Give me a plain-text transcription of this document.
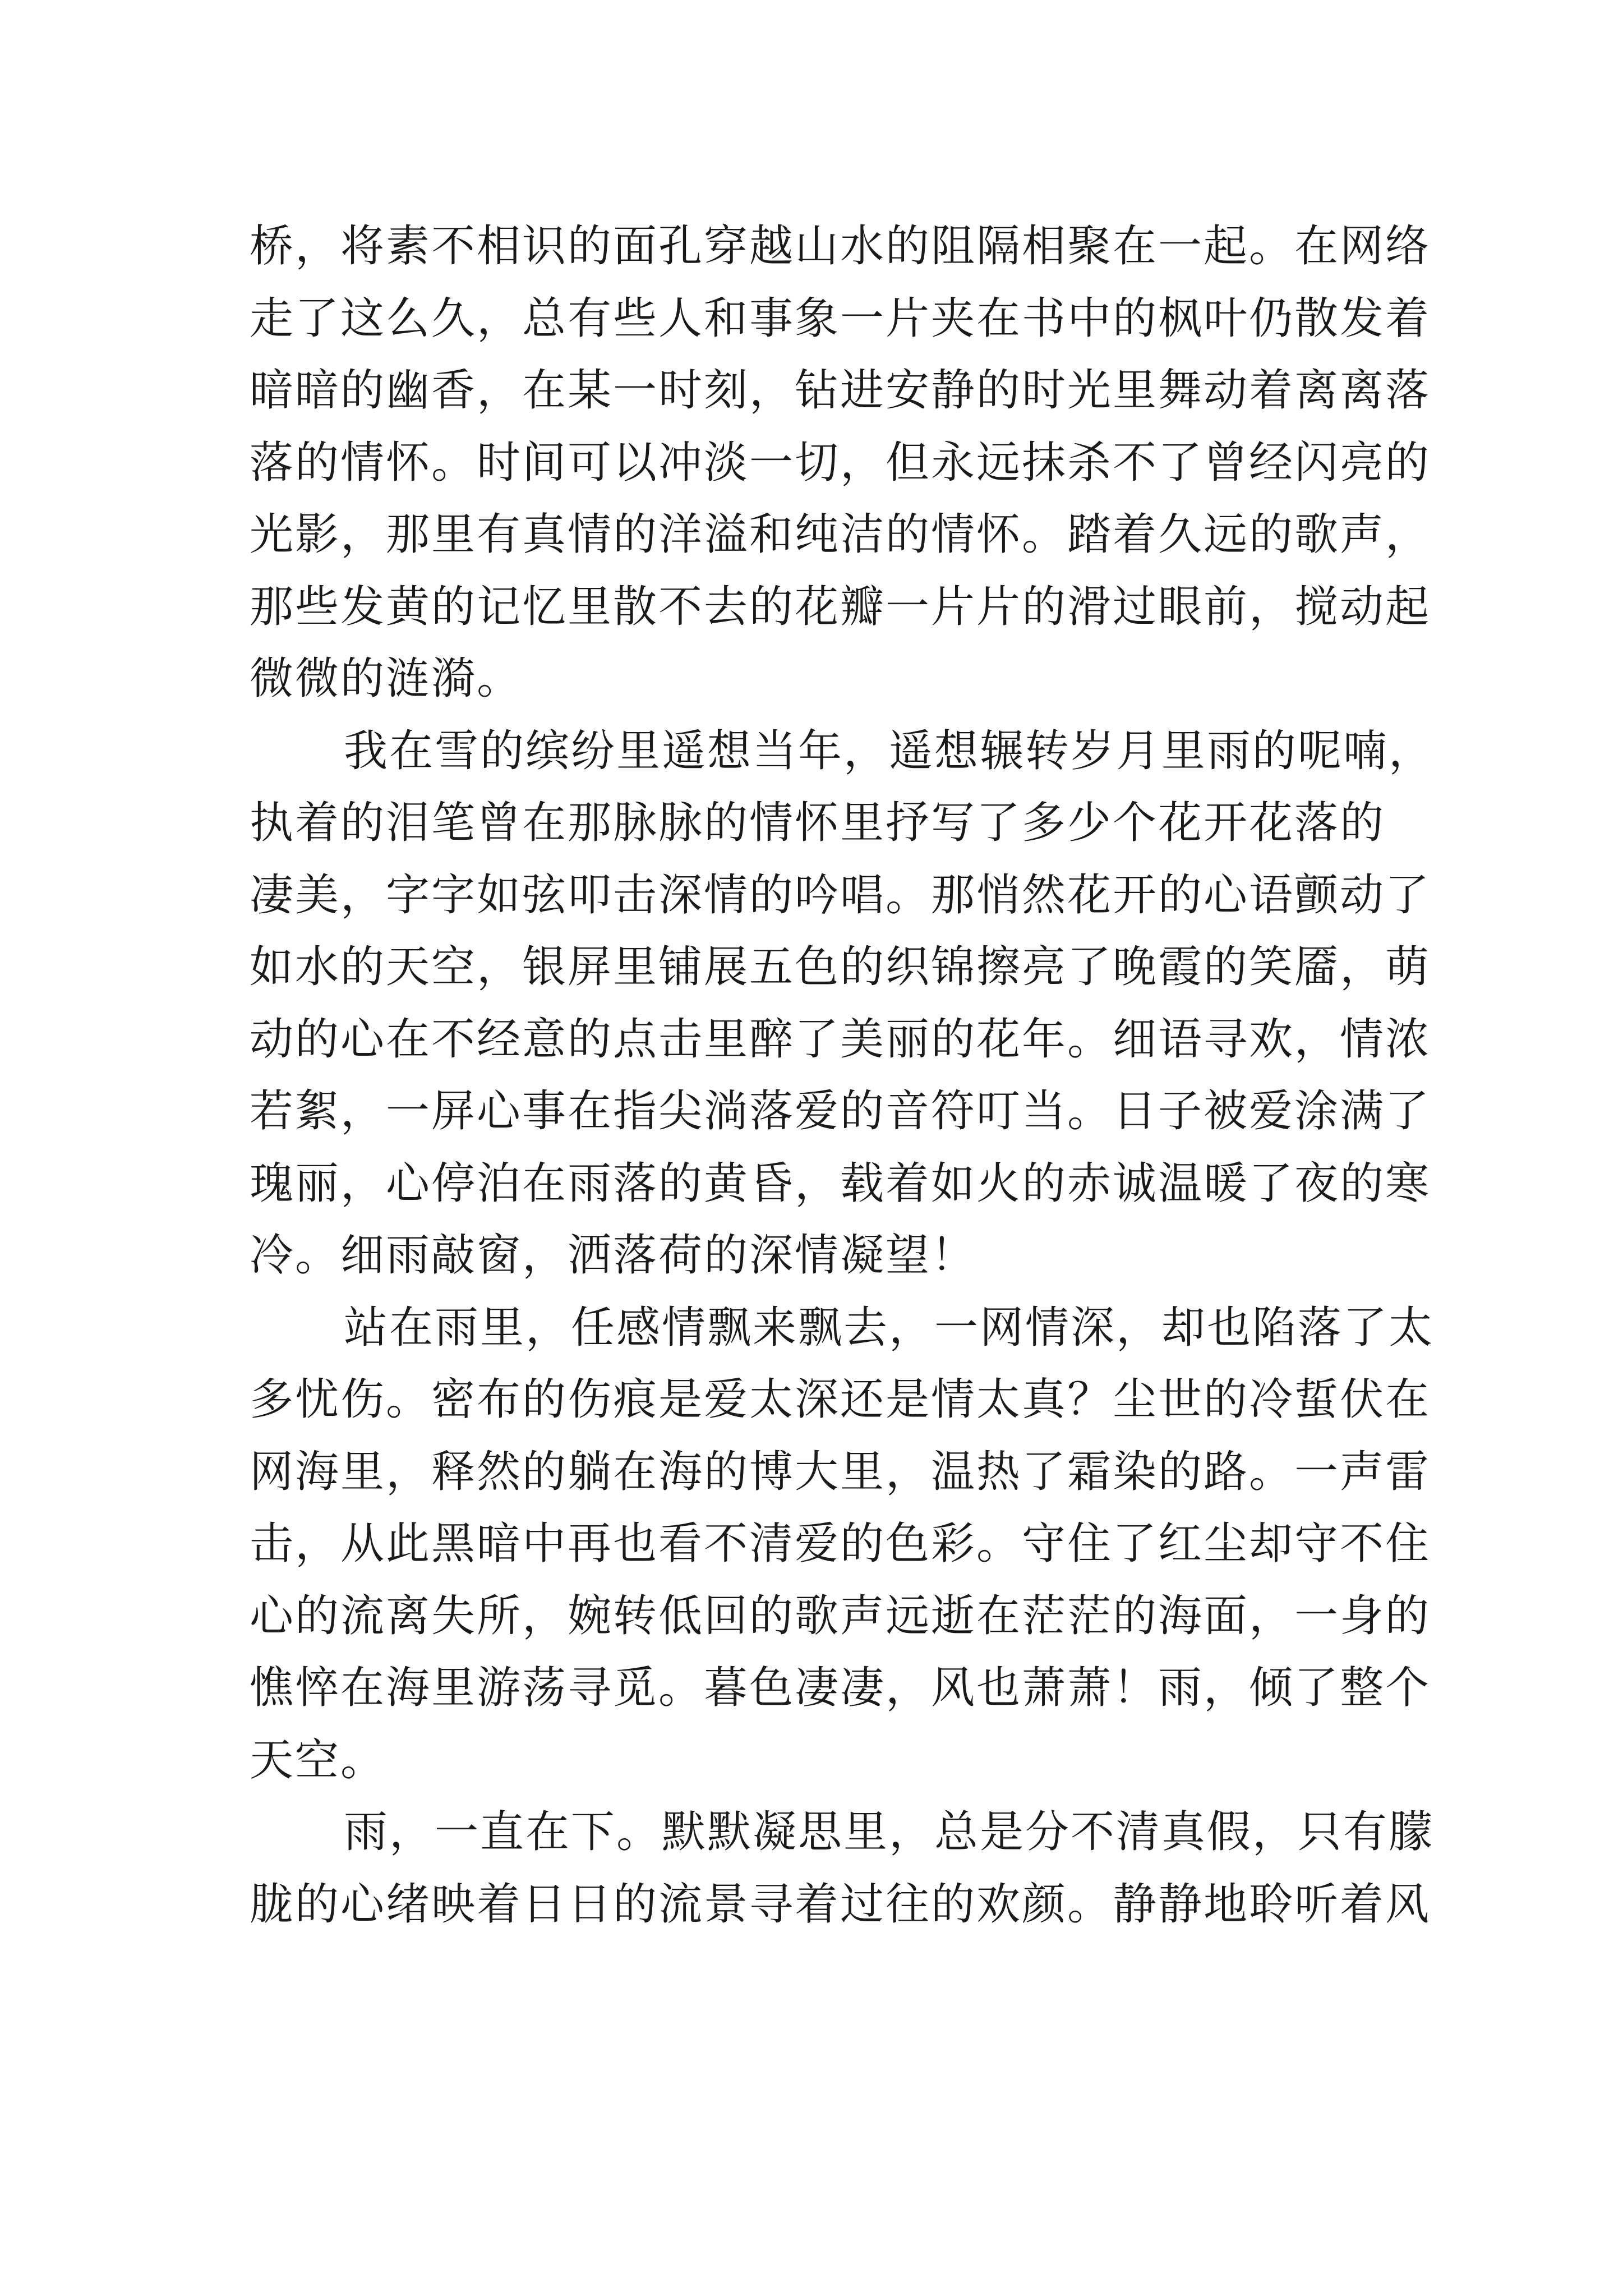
桥，将素不相识的面孔穿越山水的阻隔相聚在一起。在网络
走了这么久，总有些人和事象一片夹在书中的枫叶仍散发着
暗暗的幽香，在某一时刻，钻进安静的时光里舞动着离离落
落的情怀。时间可以冲淡一切，但永远抹杀不了曾经闪亮的
光影，那里有真情的洋溢和纯洁的情怀。踏着久远的歌声，
那些发黄的记忆里散不去的花瓣一片片的滑过眼前，搅动起
微微的涟漪。
我在雪的缤纷里遥想当年，遥想辗转岁月里雨的呢喃，
执着的泪笔曾在那脉脉的情怀里抒写了多少个花开花落的
凄美，字字如弦叩击深情的吟唱。那悄然花开的心语颤动了
如水的天空，银屏里铺展五色的织锦擦亮了晚霞的笑靥，萌
动的心在不经意的点击里醉了美丽的花年。细语寻欢，情浓
若絮，一屏心事在指尖淌落爱的音符叮当。日子被爱涂满了
瑰丽，心停泊在雨落的黄昏，载着如火的赤诚温暖了夜的寒
冷。细雨敲窗，洒落荷的深情凝望！
站在雨里，任感情飘来飘去，一网情深，却也陷落了太
多忧伤。密布的伤痕是爱太深还是情太真？尘世的冷蜇伏在
网海里，释然的躺在海的博大里，温热了霜染的路。一声雷
击，从此黑暗中再也看不清爱的色彩。守住了红尘却守不住
心的流离失所，婉转低回的歌声远逝在茫茫的海面，一身的
憔悴在海里游荡寻觅。暮色凄凄，风也萧萧！雨，倾了整个
天空。
雨，一直在下。默默凝思里，总是分不清真假，只有朦
胧的心绪映着日日的流景寻着过往的欢颜。静静地聆听着风
